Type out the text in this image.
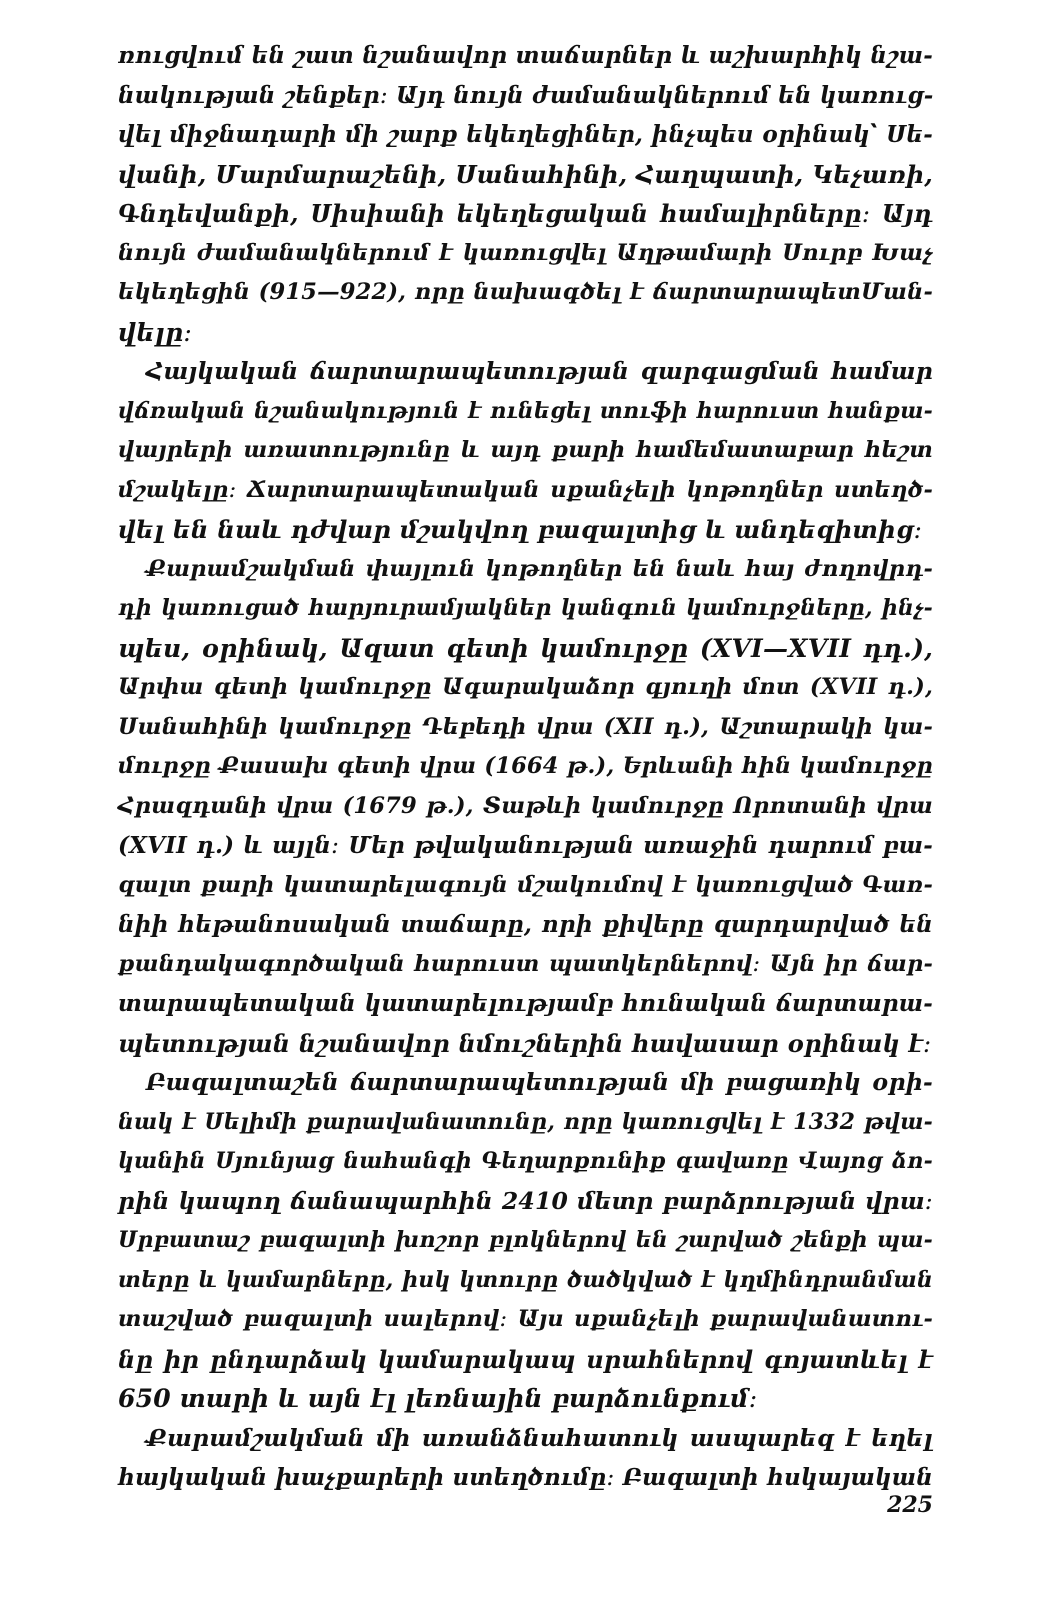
ռուցվում են շատ նշանավոր տաճարներ և աշխարհիկ նշա-
նակության շենքեր։ Այդ նույն ժամանակներում են կառուց-
վել միջնադարի մի շարք եկեղեցիներ, ինչպես օրինակ՝ Սե-
վանի, Մարմարաշենի, Սանահինի, Հաղպատի, Կեչառի,
Գնդեվանքի, Սիսիանի եկեղեցական համալիրները։ Այդ
նույն ժամանակներում է կառուցվել Աղթամարի Սուրբ Խաչ
եկեղեցին (915—922), որը նախագծել է ճարտարապետՄան-
վելը։
Հայկական ճարտարապետության զարգացման համար
վճռական նշանակություն է ունեցել տուֆի հարուստ հանքա-
վայրերի առատությունը և այդ քարի համեմատաբար հեշտ
մշակելը։ Ճարտարապետական սքանչելի կոթողներ ստեղծ-
վել են նաև դժվար մշակվող բազալտից և անդեզիտից։
Քարամշակման փայլուն կոթողներ են նաև հայ ժողովրդ-
դի կառուցած հարյուրամյակներ կանգուն կամուրջները, ինչ-
պես, օրինակ, Ազատ գետի կամուրջը (XVI—XVII դդ.),
Արփա գետի կամուրջը Ագարակաձոր գյուղի մոտ (XVII դ.),
Սանահինի կամուրջը Դեբեդի վրա (XII դ.), Աշտարակի կա-
մուրջը Քասախ գետի վրա (1664 թ.), Երևանի հին կամուրջը
Հրազդանի վրա (1679 թ.), Տաթևի կամուրջը Որոտանի վրա
(XVII դ.) և այլն։ Մեր թվականության առաջին դարում բա-
զալտ քարի կատարելագույն մշակումով է կառուցված Գառ-
նիի հեթանոսական տաճարը, որի քիվերը զարդարված են
քանդակագործական հարուստ պատկերներով։ Այն իր ճար-
տարապետական կատարելությամբ հունական ճարտարա-
պետության նշանավոր նմուշներին հավասար օրինակ է։
Բազալտաշեն ճարտարապետության մի բացառիկ օրի-
նակ է Սելիմի քարավանատունը, որը կառուցվել է 1332 թվա-
կանին Սյունյաց նահանգի Գեղարքունիք գավառը Վայոց ձո-
րին կապող ճանապարհին 2410 մետր բարձրության վրա։
Սրբատաշ բազալտի խոշոր բլոկներով են շարված շենքի պա-
տերը և կամարները, իսկ կտուրը ծածկված է կղմինդրանման
տաշված բազալտի սալերով։ Այս սքանչելի քարավանատու-
նը իր ընդարձակ կամարակապ սրահներով գոյատևել է
650 տարի և այն էլ լեռնային բարձունքում։
Քարամշակման մի առանձնահատուկ ասպարեզ է եղել
հայկական խաչքարերի ստեղծումը։ Բազալտի հսկայական
225
